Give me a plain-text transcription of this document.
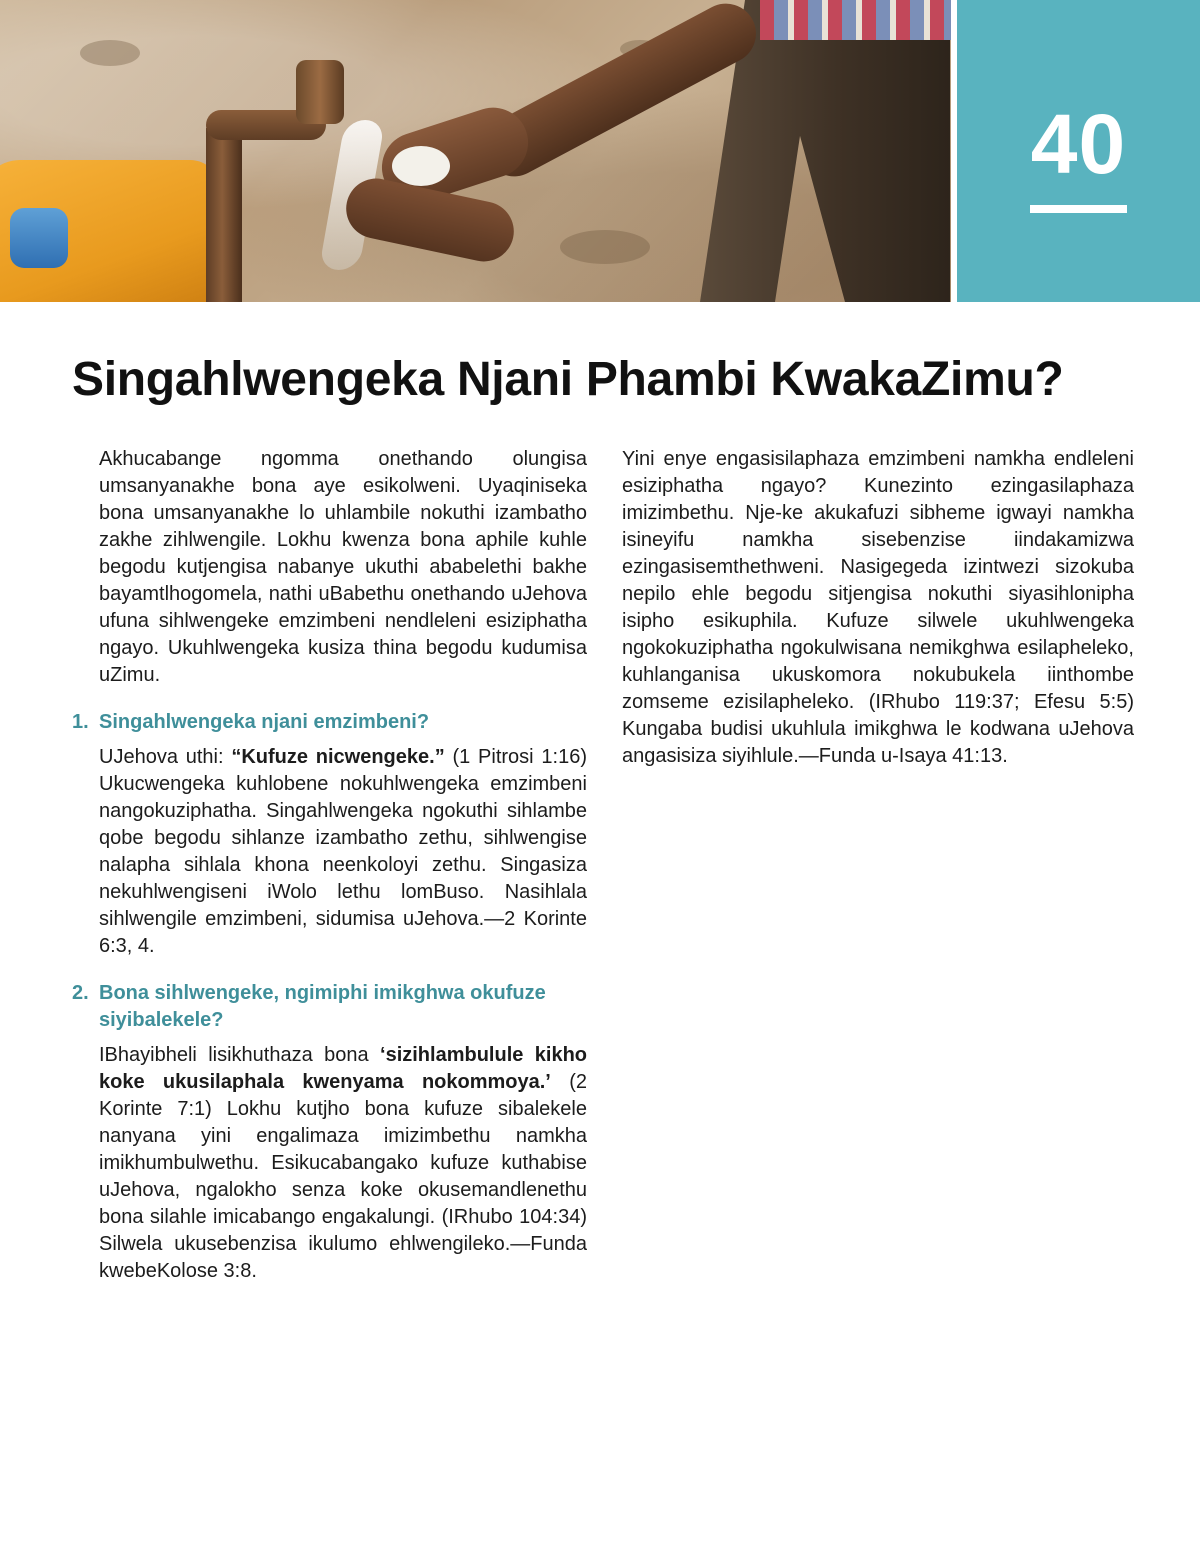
40
Singahlwengeka Njani Phambi KwakaZimu?

Akhucabange ngomma onethando olungisa umsanyanakhe bona aye esikolweni. Uyaqiniseka bona umsanyanakhe lo uhlambile nokuthi izambatho zakhe zihlwengile. Lokhu kwenza bona aphile kuhle begodu kutjengisa nabanye ukuthi ababelethi bakhe bayamtlhogomela, nathi uBabethu onethando uJehova ufuna sihlwengeke emzimbeni nendleleni esiziphatha ngayo. Ukuhlwengeka kusiza thina begodu kudumisa uZimu.

1. Singahlwengeka njani emzimbeni?

UJehova uthi: “Kufuze nicwengeke.” (1 Pitrosi 1:16) Ukucwengeka kuhlobene nokuhlwengeka emzimbeni nangokuziphatha. Singahlwengeka ngokuthi sihlambe qobe begodu sihlanze izambatho zethu, sihlwengise nalapha sihlala khona neenkoloyi zethu. Singasiza nekuhlwengiseni iWolo lethu lomBuso. Nasihlala sihlwengile emzimbeni, sidumisa uJehova.—2 Korinte 6:3, 4.

2. Bona sihlwengeke, ngimiphi imikghwa okufuze siyibalekele?

IBhayibheli lisikhuthaza bona ‘sizihlambulule kikho koke ukusilaphala kwenyama nokommoya.’ (2 Korinte 7:1) Lokhu kutjho bona kufuze sibalekele nanyana yini engalimaza imizimbethu namkha imikhumbulwethu. Esikucabangako kufuze kuthabise uJehova, ngalokho senza koke okusemandlenethu bona silahle imicabango engakalungi. (IRhubo 104:34) Silwela ukusebenzisa ikulumo ehlwengileko.—Funda kwebeKolose 3:8.

Yini enye engasisilaphaza emzimbeni namkha endleleni esiziphatha ngayo? Kunezinto ezingasilaphaza imizimbethu. Nje-ke akukafuzi sibheme igwayi namkha isineyifu namkha sisebenzise iindakamizwa ezingasisemthethweni. Nasigegeda izintwezi sizokuba nepilo ehle begodu sitjengisa nokuthi siyasihlonipha isipho esikuphila. Kufuze silwele ukuhlwengeka ngokokuziphatha ngokulwisana nemikghwa esilapheleko, kuhlanganisa ukuskomora nokubukela iinthombe zomseme ezisilapheleko. (IRhubo 119:37; Efesu 5:5) Kungaba budisi ukuhlula imikghwa le kodwana uJehova angasisiza siyihlule.—Funda u-Isaya 41:13.
